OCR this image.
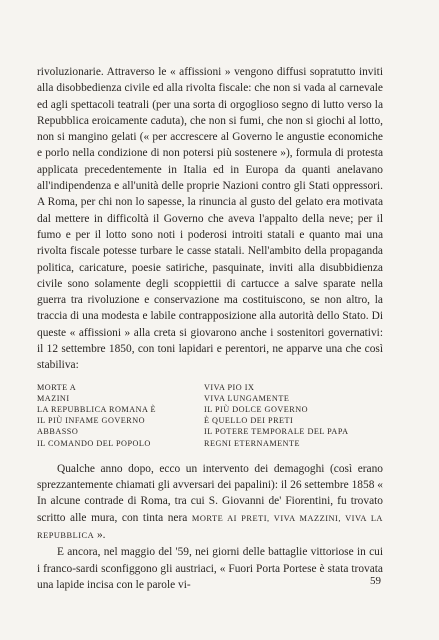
rivoluzionarie. Attraverso le « affissioni » vengono diffusi sopratutto inviti alla disobbedienza civile ed alla rivolta fiscale: che non si vada al carnevale ed agli spettacoli teatrali (per una sorta di orgoglioso segno di lutto verso la Repubblica eroicamente caduta), che non si fumi, che non si giochi al lotto, non si mangino gelati (« per accrescere al Governo le angustie economiche e porlo nella condizione di non potersi più sostenere »), formula di protesta applicata precedentemente in Italia ed in Europa da quanti anelavano all'indipendenza e all'unità delle proprie Nazioni contro gli Stati oppressori. A Roma, per chi non lo sapesse, la rinuncia al gusto del gelato era motivata dal mettere in difficoltà il Governo che aveva l'appalto della neve; per il fumo e per il lotto sono noti i poderosi introiti statali e quanto mai una rivolta fiscale potesse turbare le casse statali. Nell'ambito della propaganda politica, caricature, poesie satiriche, pasquinate, inviti alla disubbidienza civile sono solamente degli scoppiettii di cartucce a salve sparate nella guerra tra rivoluzione e conservazione ma costituiscono, se non altro, la traccia di una modesta e labile contrapposizione alla autorità dello Stato. Di queste « affissioni » alla creta si giovarono anche i sostenitori governativi: il 12 settembre 1850, con toni lapidari e perentori, ne apparve una che così stabiliva:

MORTE A	VIVA PIO IX
MAZINI	VIVA LUNGAMENTE
LA REPUBBLICA ROMANA È	IL PIÙ DOLCE GOVERNO
IL PIÙ INFAME GOVERNO	È QUELLO DEI PRETI
ABBASSO	IL POTERE TEMPORALE DEL PAPA
IL COMANDO DEL POPOLO	REGNI ETERNAMENTE

Qualche anno dopo, ecco un intervento dei demagoghi (così erano sprezzantemente chiamati gli avversari dei papalini): il 26 settembre 1858 « In alcune contrade di Roma, tra cui S. Giovanni de' Fiorentini, fu trovato scritto alle mura, con tinta nera MORTE AI PRETI, VIVA MAZZINI, VIVA LA REPUBBLICA ».

E ancora, nel maggio del '59, nei giorni delle battaglie vittoriose in cui i franco-sardi sconfiggono gli austriaci, « Fuori Porta Portese è stata trovata una lapide incisa con le parole vi-	59
